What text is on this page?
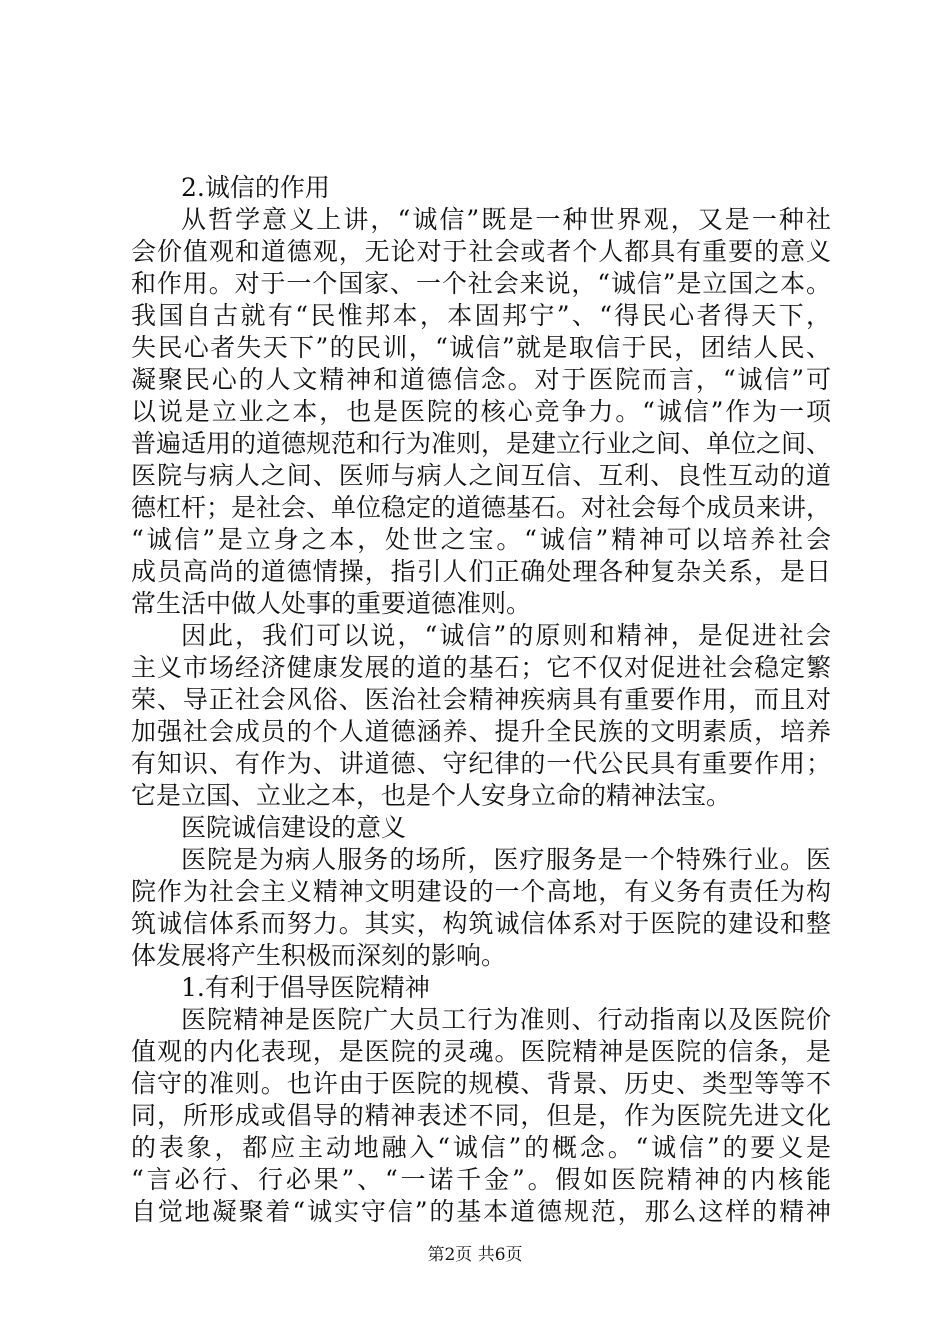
2.诚信的作用
从哲学意义上讲，“诚信”既是一种世界观，又是一种社
会价值观和道德观，无论对于社会或者个人都具有重要的意义
和作用。对于一个国家、一个社会来说，“诚信”是立国之本。
我国自古就有“民惟邦本，本固邦宁”、“得民心者得天下，
失民心者失天下”的民训，“诚信”就是取信于民，团结人民、
凝聚民心的人文精神和道德信念。对于医院而言，“诚信”可
以说是立业之本，也是医院的核心竞争力。“诚信”作为一项
普遍适用的道德规范和行为准则，是建立行业之间、单位之间、
医院与病人之间、医师与病人之间互信、互利、良性互动的道
德杠杆；是社会、单位稳定的道德基石。对社会每个成员来讲，
“诚信”是立身之本，处世之宝。“诚信”精神可以培养社会
成员高尚的道德情操，指引人们正确处理各种复杂关系，是日
常生活中做人处事的重要道德准则。
因此，我们可以说，“诚信”的原则和精神，是促进社会
主义市场经济健康发展的道的基石；它不仅对促进社会稳定繁
荣、导正社会风俗、医治社会精神疾病具有重要作用，而且对
加强社会成员的个人道德涵养、提升全民族的文明素质，培养
有知识、有作为、讲道德、守纪律的一代公民具有重要作用；
它是立国、立业之本，也是个人安身立命的精神法宝。
医院诚信建设的意义
医院是为病人服务的场所，医疗服务是一个特殊行业。医
院作为社会主义精神文明建设的一个高地，有义务有责任为构
筑诚信体系而努力。其实，构筑诚信体系对于医院的建设和整
体发展将产生积极而深刻的影响。
1.有利于倡导医院精神
医院精神是医院广大员工行为准则、行动指南以及医院价
值观的内化表现，是医院的灵魂。医院精神是医院的信条，是
信守的准则。也许由于医院的规模、背景、历史、类型等等不
同，所形成或倡导的精神表述不同，但是，作为医院先进文化
的表象，都应主动地融入“诚信”的概念。“诚信”的要义是
“言必行、行必果”、“一诺千金”。假如医院精神的内核能
自觉地凝聚着“诚实守信”的基本道德规范，那么这样的精神
第2页 共6页
